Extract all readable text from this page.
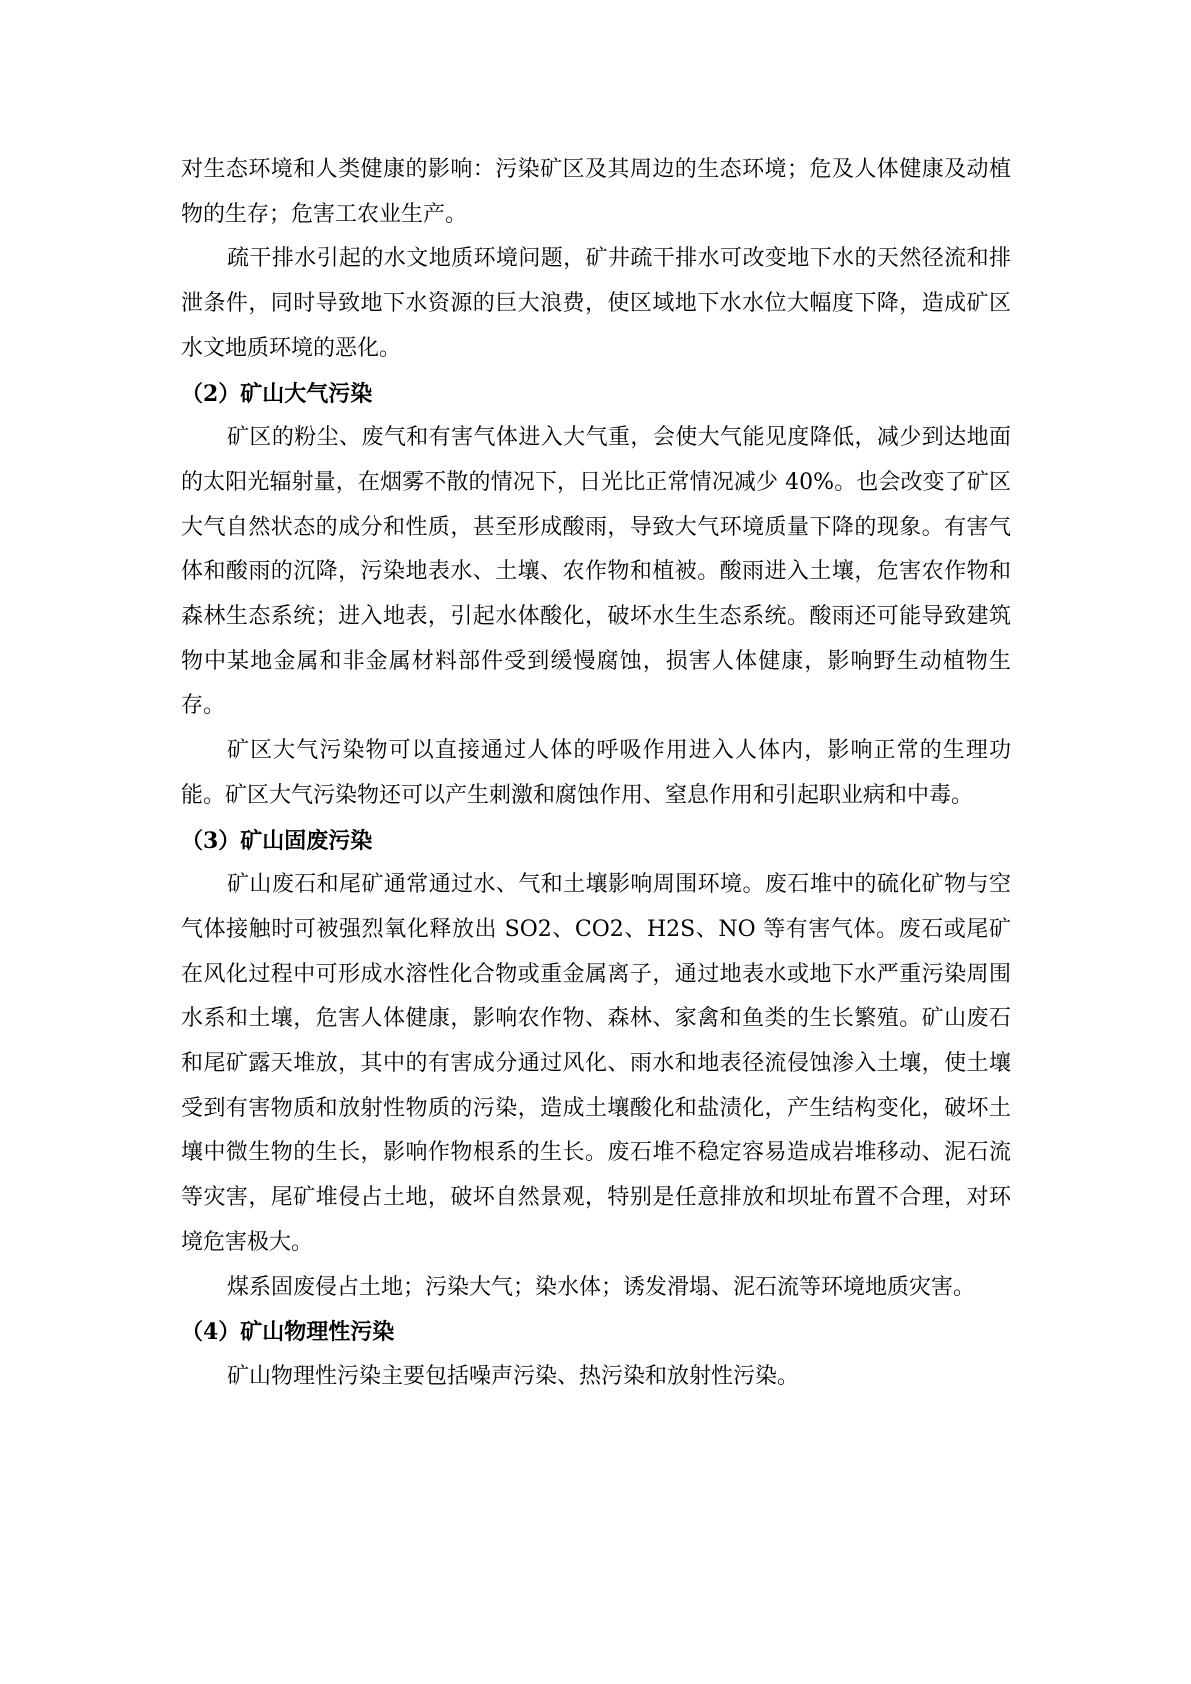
对生态环境和人类健康的影响：污染矿区及其周边的生态环境；危及人体健康及动植物的生存；危害工农业生产。

疏干排水引起的水文地质环境问题，矿井疏干排水可改变地下水的天然径流和排泄条件，同时导致地下水资源的巨大浪费，使区域地下水水位大幅度下降，造成矿区水文地质环境的恶化。

（2）矿山大气污染

矿区的粉尘、废气和有害气体进入大气重，会使大气能见度降低，减少到达地面的太阳光辐射量，在烟雾不散的情况下，日光比正常情况减少 40%。也会改变了矿区大气自然状态的成分和性质，甚至形成酸雨，导致大气环境质量下降的现象。有害气体和酸雨的沉降，污染地表水、土壤、农作物和植被。酸雨进入土壤，危害农作物和森林生态系统；进入地表，引起水体酸化，破坏水生生态系统。酸雨还可能导致建筑物中某地金属和非金属材料部件受到缓慢腐蚀，损害人体健康，影响野生动植物生存。

矿区大气污染物可以直接通过人体的呼吸作用进入人体内，影响正常的生理功能。矿区大气污染物还可以产生刺激和腐蚀作用、窒息作用和引起职业病和中毒。

（3）矿山固废污染

矿山废石和尾矿通常通过水、气和土壤影响周围环境。废石堆中的硫化矿物与空气体接触时可被强烈氧化释放出 SO2、CO2、H2S、NO 等有害气体。废石或尾矿在风化过程中可形成水溶性化合物或重金属离子，通过地表水或地下水严重污染周围水系和土壤，危害人体健康，影响农作物、森林、家禽和鱼类的生长繁殖。矿山废石和尾矿露天堆放，其中的有害成分通过风化、雨水和地表径流侵蚀渗入土壤，使土壤受到有害物质和放射性物质的污染，造成土壤酸化和盐渍化，产生结构变化，破坏土壤中微生物的生长，影响作物根系的生长。废石堆不稳定容易造成岩堆移动、泥石流等灾害，尾矿堆侵占土地，破坏自然景观，特别是任意排放和坝址布置不合理，对环境危害极大。

煤系固废侵占土地；污染大气；染水体；诱发滑塌、泥石流等环境地质灾害。

（4）矿山物理性污染

矿山物理性污染主要包括噪声污染、热污染和放射性污染。
